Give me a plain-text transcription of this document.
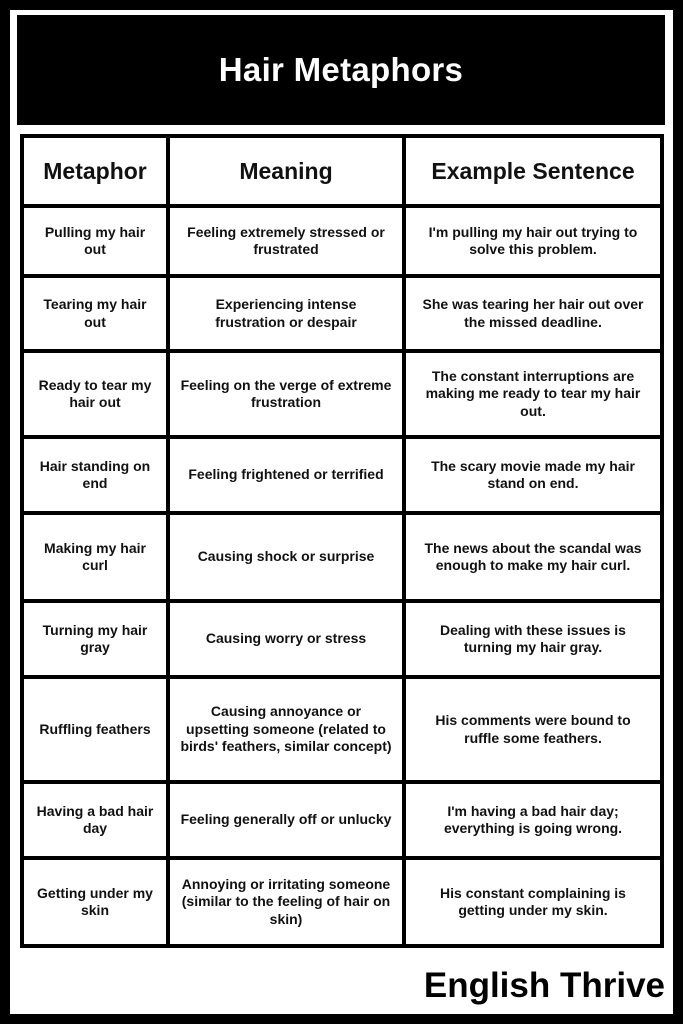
Hair Metaphors
Metaphor	Meaning	Example Sentence
Pulling my hair out	Feeling extremely stressed or frustrated	I'm pulling my hair out trying to solve this problem.
Tearing my hair out	Experiencing intense frustration or despair	She was tearing her hair out over the missed deadline.
Ready to tear my hair out	Feeling on the verge of extreme frustration	The constant interruptions are making me ready to tear my hair out.
Hair standing on end	Feeling frightened or terrified	The scary movie made my hair stand on end.
Making my hair curl	Causing shock or surprise	The news about the scandal was enough to make my hair curl.
Turning my hair gray	Causing worry or stress	Dealing with these issues is turning my hair gray.
Ruffling feathers	Causing annoyance or upsetting someone (related to birds' feathers, similar concept)	His comments were bound to ruffle some feathers.
Having a bad hair day	Feeling generally off or unlucky	I'm having a bad hair day; everything is going wrong.
Getting under my skin	Annoying or irritating someone (similar to the feeling of hair on skin)	His constant complaining is getting under my skin.

English Thrive
